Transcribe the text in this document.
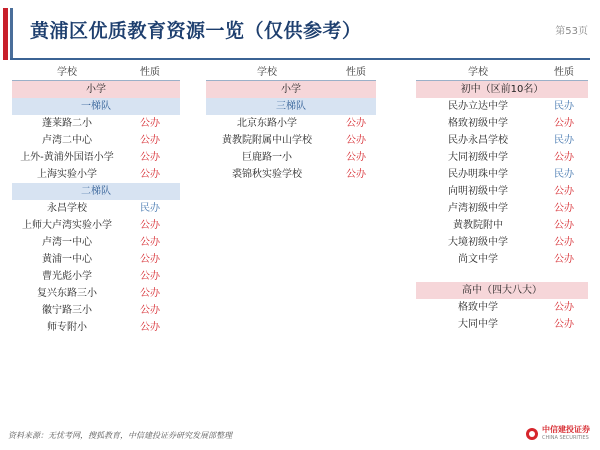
黄浦区优质教育资源一览（仅供参考）	第53页
学校	性质
小学
一梯队
蓬莱路二小	公办
卢湾二中心	公办
上外-黄浦外国语小学	公办
上海实验小学	公办
二梯队
永昌学校	民办
上师大卢湾实验小学	公办
卢湾一中心	公办
黄浦一中心	公办
曹光彪小学	公办
复兴东路三小	公办
徽宁路三小	公办
师专附小	公办
学校	性质
小学
三梯队
北京东路小学	公办
黄教院附属中山学校	公办
巨鹿路一小	公办
裘锦秋实验学校	公办
学校	性质
初中（区前10名）
民办立达中学	民办
格致初级中学	公办
民办永昌学校	民办
大同初级中学	公办
民办明珠中学	民办
向明初级中学	公办
卢湾初级中学	公办
黄教院附中	公办
大境初级中学	公办
尚文中学	公办
高中（四大八大）
格致中学	公办
大同中学	公办
资料来源：无忧考网，搜狐教育，中信建投证券研究发展部整理
中信建投证券
CHINA SECURITIES
